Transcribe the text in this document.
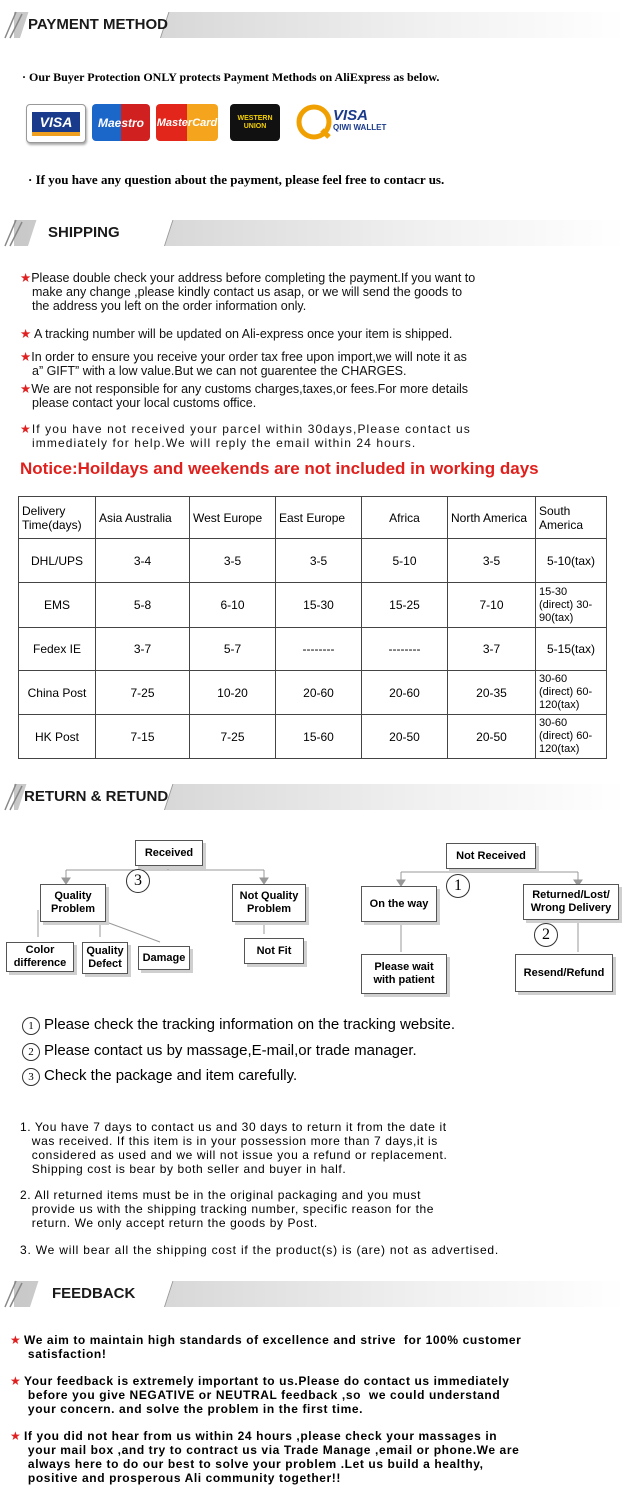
PAYMENT METHOD
· Our Buyer Protection ONLY protects Payment Methods on AliExpress as below.
VISA	Maestro MasterCard	WESTERN UNION
VISA
QIWI WALLET
· If you have any question about the payment, please feel free to contacr us.
SHIPPING
★Please double check your address before completing the payment.If you want to
make any change ,please kindly contact us asap, or we will send the goods to
the address you left on the order information only.
★ A tracking number will be updated on Ali-express once your item is shipped.
★In order to ensure you receive your order tax free upon import,we will note it as
a” GIFT” with a low value.But we can not guarentee the CHARGES.
★We are not responsible for any customs charges,taxes,or fees.For more details
please contact your local customs office.
★If you have not received your parcel within 30days,Please contact us
immediately for help.We will reply the email within 24 hours.
Notice:Hoildays and weekends are not included in working days
Delivery Time(days)	Asia Australia	West Europe	East Europe	Africa	North America	South America
DHL/UPS	3-4	3-5	3-5	5-10	3-5	5-10(tax)
EMS	5-8	6-10	15-30	15-25	7-10	15-30 (direct) 30-90(tax)
Fedex IE	3-7	5-7	--------	--------	3-7	5-15(tax)
China Post	7-25	10-20	20-60	20-60	20-35	30-60 (direct) 60-120(tax)
HK Post	7-15	7-25	15-60	20-50	20-50	30-60 (direct) 60-120(tax)
RETURN & RETUND
Received
3
Quality Problem
Not Quality Problem
Color difference
Quality Defect
Damage
Not Fit
Not Received
1
On the way
Returned/Lost/ Wrong Delivery
2
Please wait with patient
Resend/Refund
1 Please check the tracking information on the tracking website.
2 Please contact us by massage,E-mail,or trade manager.
3 Check the package and item carefully.
1. You have 7 days to contact us and 30 days to return it from the date it
was received. If this item is in your possession more than 7 days,it is
considered as used and we will not issue you a refund or replacement.
Shipping cost is bear by both seller and buyer in half.
2. All returned items must be in the original packaging and you must
provide us with the shipping tracking number, specific reason for the
return. We only accept return the goods by Post.
3. We will bear all the shipping cost if the product(s) is (are) not as advertised.
FEEDBACK
★ We aim to maintain high standards of excellence and strive  for 100% customer
satisfaction!
★ Your feedback is extremely important to us.Please do contact us immediately
before you give NEGATIVE or NEUTRAL feedback ,so  we could understand
your concern. and solve the problem in the first time.
★ If you did not hear from us within 24 hours ,please check your massages in
your mail box ,and try to contract us via Trade Manage ,email or phone.We are
always here to do our best to solve your problem .Let us build a healthy,
positive and prosperous Ali community together!!
